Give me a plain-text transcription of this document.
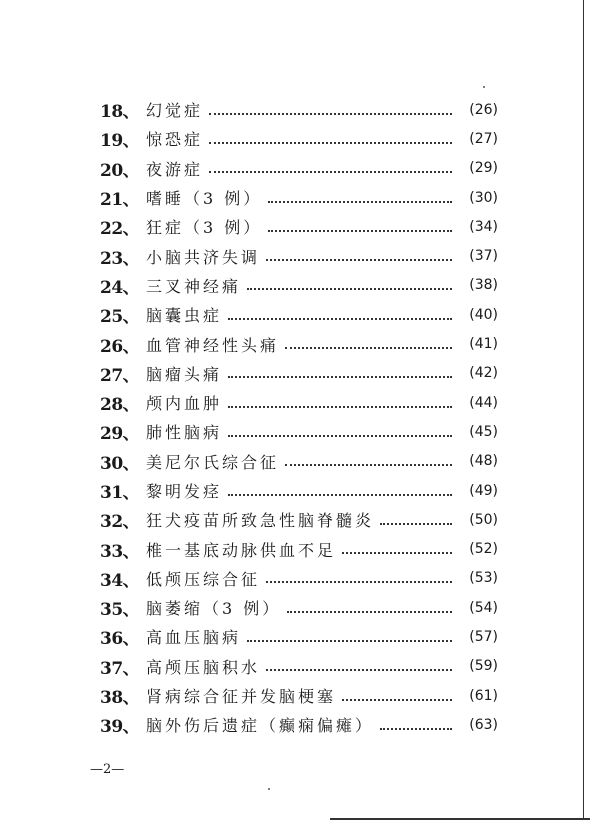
18、 幻觉症	(26)
19、 惊恐症	(27)
20、 夜游症	(29)
21、 嗜睡（3 例）	(30)
22、 狂症（3 例）	(34)
23、 小脑共济失调	(37)
24、 三叉神经痛	(38)
25、 脑囊虫症	(40)
26、 血管神经性头痛	(41)
27、 脑瘤头痛	(42)
28、 颅内血肿	(44)
29、 肺性脑病	(45)
30、 美尼尔氏综合征	(48)
31、 黎明发痉	(49)
32、 狂犬疫苗所致急性脑脊髓炎	(50)
33、 椎一基底动脉供血不足	(52)
34、 低颅压综合征	(53)
35、 脑萎缩（3 例）	(54)
36、 高血压脑病	(57)
37、 高颅压脑积水	(59)
38、 肾病综合征并发脑梗塞	(61)
39、 脑外伤后遗症（癫痫偏瘫）	(63)
—2—
